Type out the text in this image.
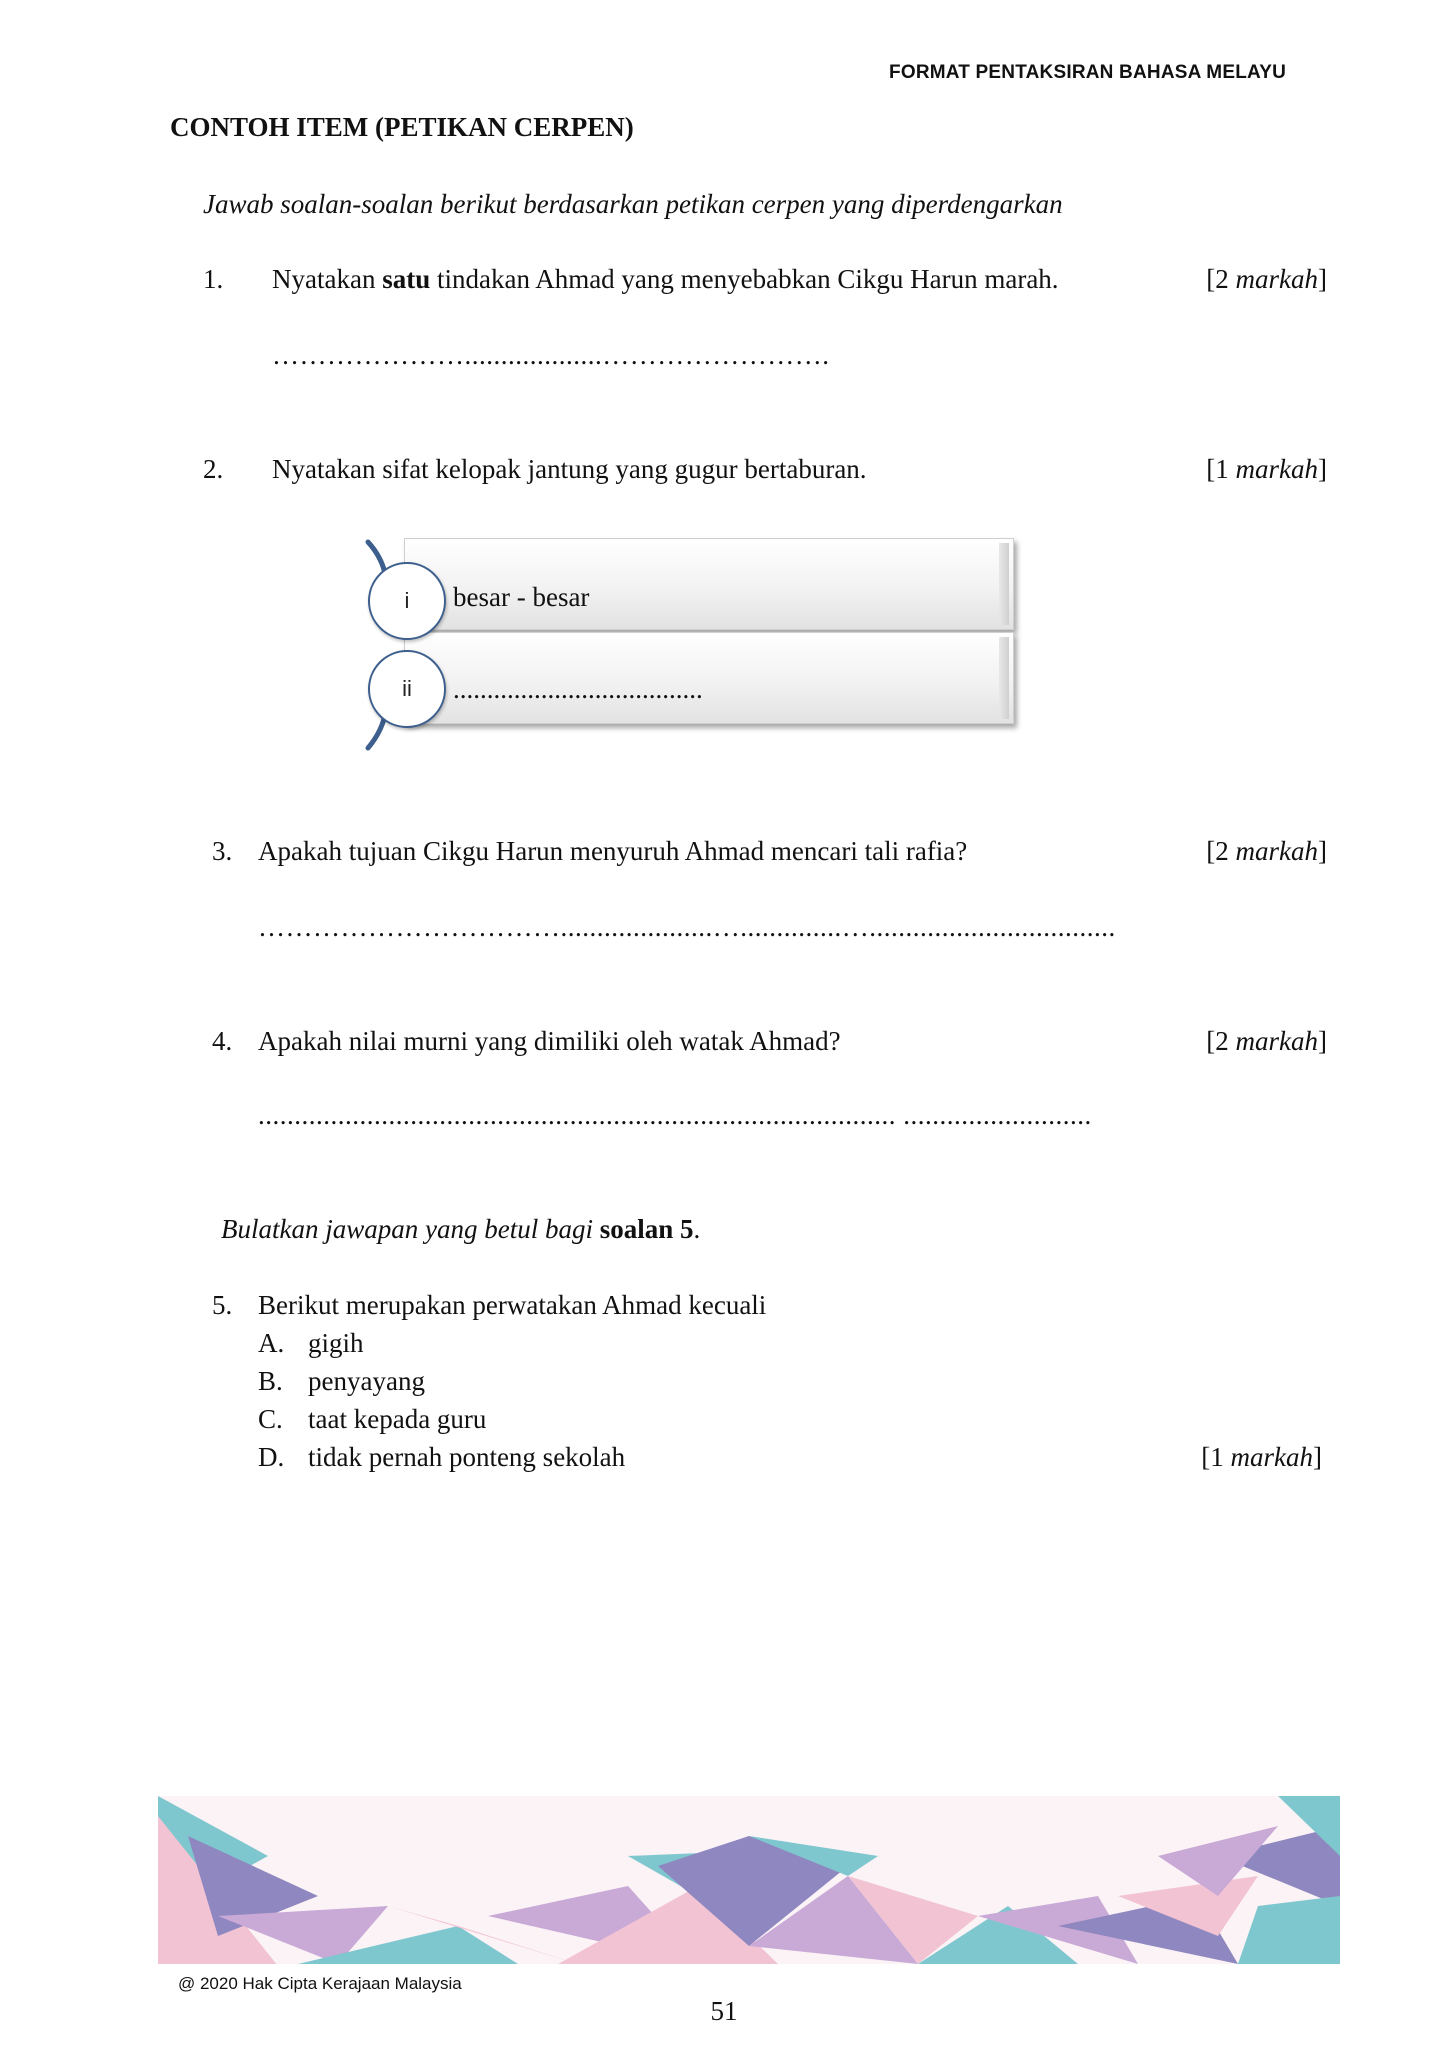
FORMAT PENTAKSIRAN BAHASA MELAYU
CONTOH ITEM (PETIKAN CERPEN)
Jawab soalan-soalan berikut berdasarkan petikan cerpen yang diperdengarkan
1. Nyatakan satu tindakan Ahmad yang menyebabkan Cikgu Harun marah.	[2 markah]
…………………...................…………………….
2. Nyatakan sifat kelopak jantung yang gugur bertaburan.	[1 markah]
i
ii
besar - besar
.....................................
3. Apakah tujuan Cikgu Harun menyuruh Ahmad mencari tali rafia?	[2 markah]
…………………………….....................…..............…..................................
4. Apakah nilai murni yang dimiliki oleh watak Ahmad?	[2 markah]
........................................................................................ ..........................
Bulatkan jawapan yang betul bagi soalan 5.
5. Berikut merupakan perwatakan Ahmad kecuali
A. gigih
B. penyayang
C. taat kepada guru
D. tidak pernah ponteng sekolah	[1 markah]
@ 2020 Hak Cipta Kerajaan Malaysia
51
